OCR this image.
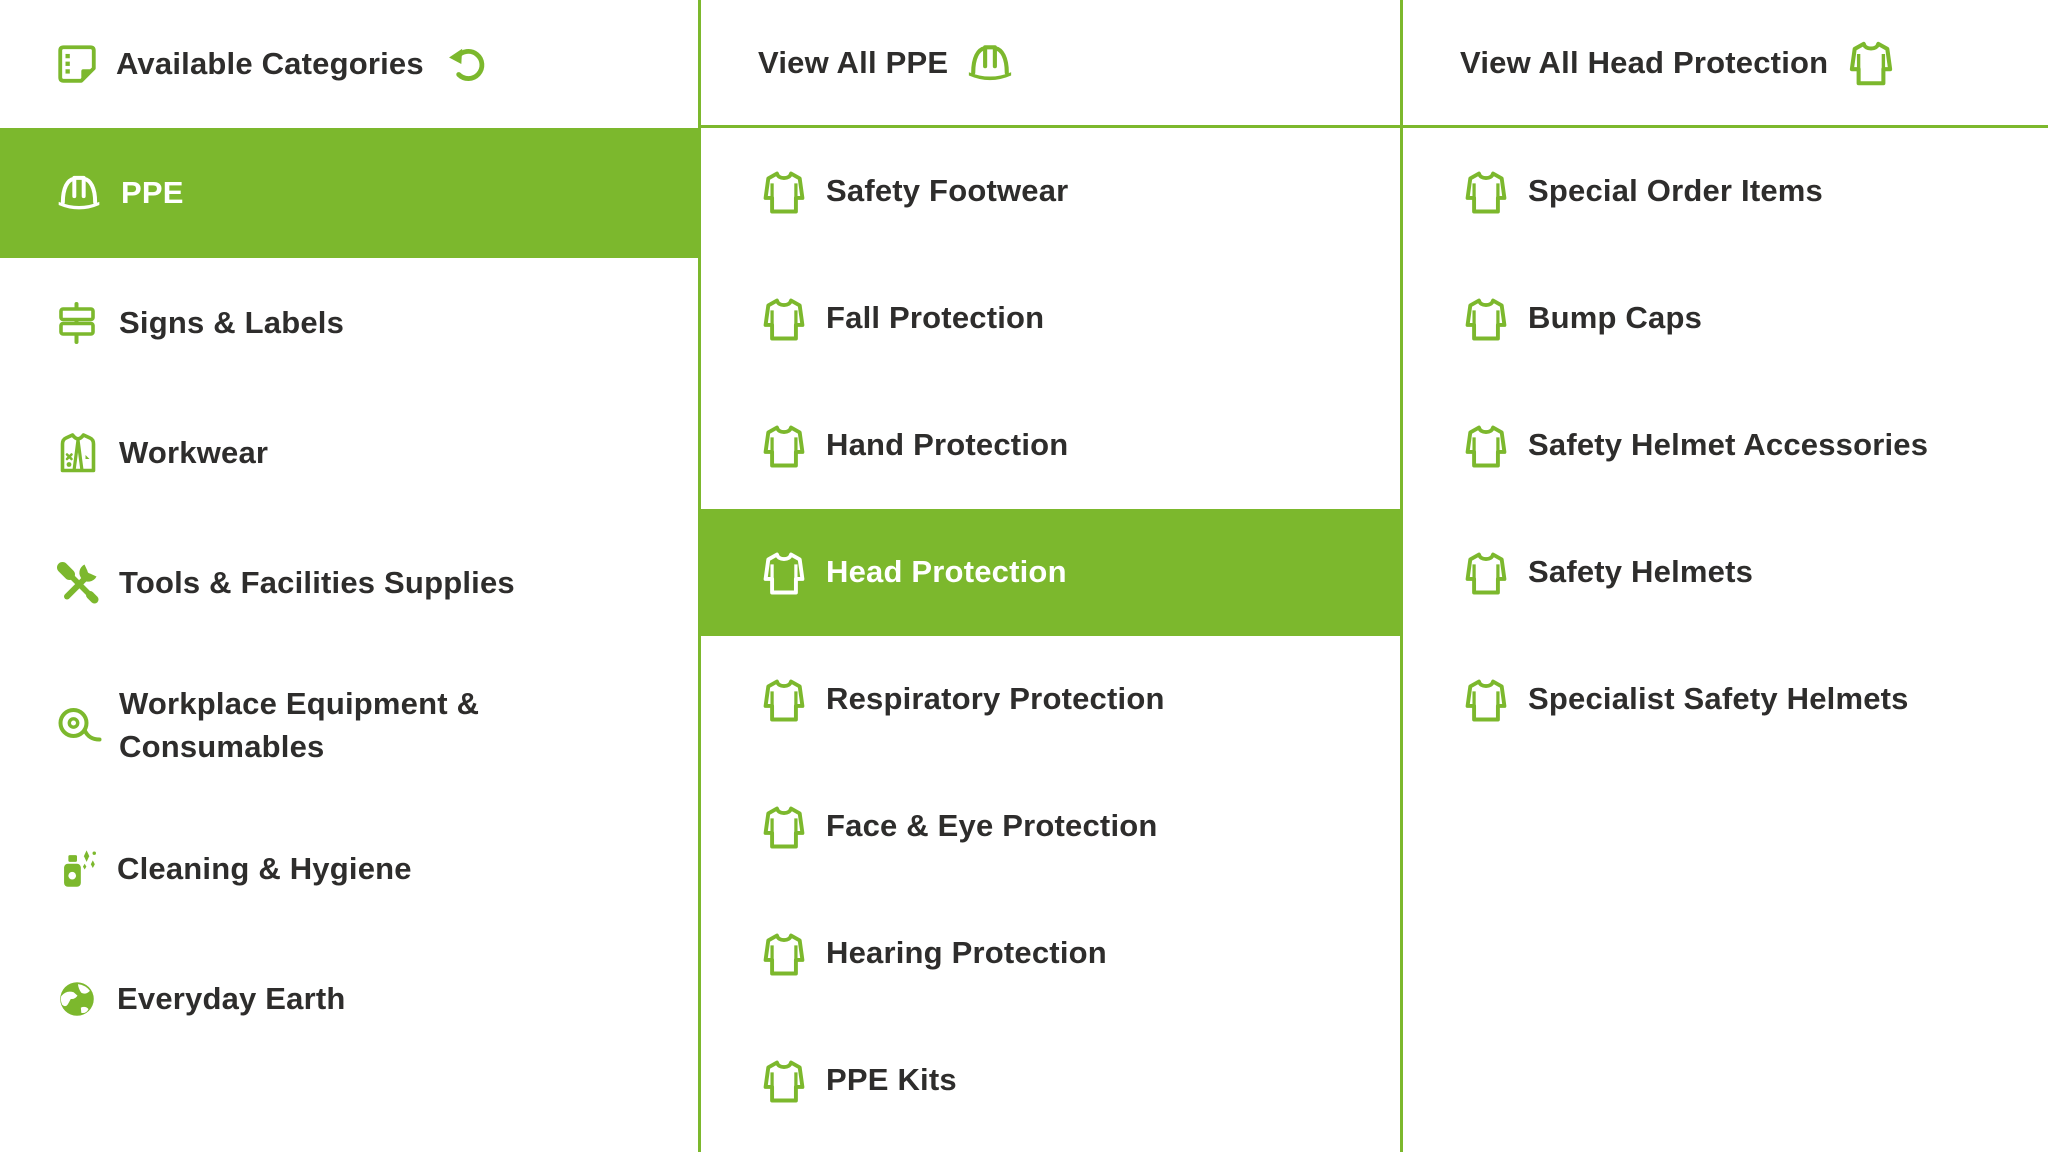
Available Categories
PPE
Signs & Labels
Workwear
Tools & Facilities Supplies
Workplace Equipment &
Consumables
Cleaning & Hygiene
Everyday Earth
View All PPE
Safety Footwear
Fall Protection
Hand Protection
Head Protection
Respiratory Protection
Face & Eye Protection
Hearing Protection
PPE Kits
View All Head Protection
Special Order Items
Bump Caps
Safety Helmet Accessories
Safety Helmets
Specialist Safety Helmets
